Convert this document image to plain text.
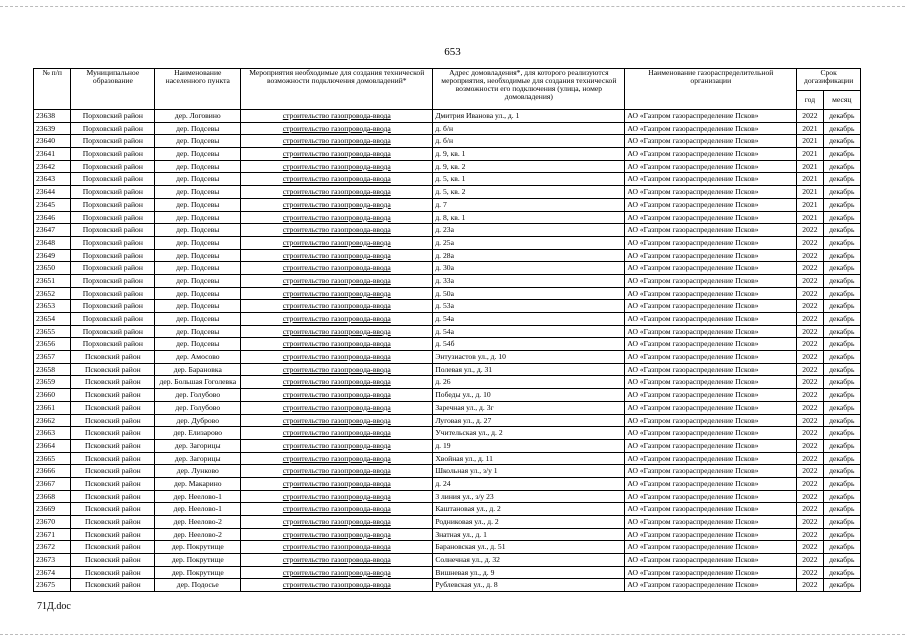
653
№ п/п	Муниципальное образование	Наименование населенного пункта	Мероприятия необходимые для создания технической возможности подключения домовладений*	Адрес домовладения*, для которого реализуются мероприятия, необходимые для создания технической возможности его подключения (улица, номер домовладения)	Наименование газораспределительной организации	Срок догазификации	
						год	месяц
23638	Порховский район	дер. Логовино	строительство газопровода-ввода	Дмитрия Иванова ул., д. 1	АО «Газпром газораспределение Псков»	2022	декабрь
23639	Порховский район	дер. Подсевы	строительство газопровода-ввода	д. б/н	АО «Газпром газораспределение Псков»	2021	декабрь
23640	Порховский район	дер. Подсевы	строительство газопровода-ввода	д. б/н	АО «Газпром газораспределение Псков»	2021	декабрь
23641	Порховский район	дер. Подсевы	строительство газопровода-ввода	д. 9, кв. 1	АО «Газпром газораспределение Псков»	2021	декабрь
23642	Порховский район	дер. Подсевы	строительство газопровода-ввода	д. 9, кв. 2	АО «Газпром газораспределение Псков»	2021	декабрь
23643	Порховский район	дер. Подсевы	строительство газопровода-ввода	д. 5, кв. 1	АО «Газпром газораспределение Псков»	2021	декабрь
23644	Порховский район	дер. Подсевы	строительство газопровода-ввода	д. 5, кв. 2	АО «Газпром газораспределение Псков»	2021	декабрь
23645	Порховский район	дер. Подсевы	строительство газопровода-ввода	д. 7	АО «Газпром газораспределение Псков»	2021	декабрь
23646	Порховский район	дер. Подсевы	строительство газопровода-ввода	д. 8, кв. 1	АО «Газпром газораспределение Псков»	2021	декабрь
23647	Порховский район	дер. Подсевы	строительство газопровода-ввода	д. 23а	АО «Газпром газораспределение Псков»	2022	декабрь
23648	Порховский район	дер. Подсевы	строительство газопровода-ввода	д. 25а	АО «Газпром газораспределение Псков»	2022	декабрь
23649	Порховский район	дер. Подсевы	строительство газопровода-ввода	д. 28а	АО «Газпром газораспределение Псков»	2022	декабрь
23650	Порховский район	дер. Подсевы	строительство газопровода-ввода	д. 30а	АО «Газпром газораспределение Псков»	2022	декабрь
23651	Порховский район	дер. Подсевы	строительство газопровода-ввода	д. 33а	АО «Газпром газораспределение Псков»	2022	декабрь
23652	Порховский район	дер. Подсевы	строительство газопровода-ввода	д. 50а	АО «Газпром газораспределение Псков»	2022	декабрь
23653	Порховский район	дер. Подсевы	строительство газопровода-ввода	д. 53а	АО «Газпром газораспределение Псков»	2022	декабрь
23654	Порховский район	дер. Подсевы	строительство газопровода-ввода	д. 54а	АО «Газпром газораспределение Псков»	2022	декабрь
23655	Порховский район	дер. Подсевы	строительство газопровода-ввода	д. 54а	АО «Газпром газораспределение Псков»	2022	декабрь
23656	Порховский район	дер. Подсевы	строительство газопровода-ввода	д. 54б	АО «Газпром газораспределение Псков»	2022	декабрь
23657	Псковский район	дер. Амосово	строительство газопровода-ввода	Энтузиастов ул., д. 10	АО «Газпром газораспределение Псков»	2022	декабрь
23658	Псковский район	дер. Барановка	строительство газопровода-ввода	Полевая ул., д. 31	АО «Газпром газораспределение Псков»	2022	декабрь
23659	Псковский район	дер. Большая Гоголевка	строительство газопровода-ввода	д. 26	АО «Газпром газораспределение Псков»	2022	декабрь
23660	Псковский район	дер. Голубово	строительство газопровода-ввода	Победы ул., д. 10	АО «Газпром газораспределение Псков»	2022	декабрь
23661	Псковский район	дер. Голубово	строительство газопровода-ввода	Заречная ул., д. 3г	АО «Газпром газораспределение Псков»	2022	декабрь
23662	Псковский район	дер. Дуброво	строительство газопровода-ввода	Луговая ул., д. 27	АО «Газпром газораспределение Псков»	2022	декабрь
23663	Псковский район	дер. Елизарово	строительство газопровода-ввода	Учительская ул., д. 2	АО «Газпром газораспределение Псков»	2022	декабрь
23664	Псковский район	дер. Загорицы	строительство газопровода-ввода	д. 19	АО «Газпром газораспределение Псков»	2022	декабрь
23665	Псковский район	дер. Загорицы	строительство газопровода-ввода	Хвойная ул., д. 11	АО «Газпром газораспределение Псков»	2022	декабрь
23666	Псковский район	дер. Лунково	строительство газопровода-ввода	Школьная ул., з/у 1	АО «Газпром газораспределение Псков»	2022	декабрь
23667	Псковский район	дер. Макарино	строительство газопровода-ввода	д. 24	АО «Газпром газораспределение Псков»	2022	декабрь
23668	Псковский район	дер. Неелово-1	строительство газопровода-ввода	3 линия ул., з/у 23	АО «Газпром газораспределение Псков»	2022	декабрь
23669	Псковский район	дер. Неелово-1	строительство газопровода-ввода	Каштановая ул., д. 2	АО «Газпром газораспределение Псков»	2022	декабрь
23670	Псковский район	дер. Неелово-2	строительство газопровода-ввода	Родниковая ул., д. 2	АО «Газпром газораспределение Псков»	2022	декабрь
23671	Псковский район	дер. Неелово-2	строительство газопровода-ввода	Знатная ул., д. 1	АО «Газпром газораспределение Псков»	2022	декабрь
23672	Псковский район	дер. Покрутище	строительство газопровода-ввода	Барановская ул., д. 51	АО «Газпром газораспределение Псков»	2022	декабрь
23673	Псковский район	дер. Покрутище	строительство газопровода-ввода	Солнечная ул., д. 32	АО «Газпром газораспределение Псков»	2022	декабрь
23674	Псковский район	дер. Покрутище	строительство газопровода-ввода	Вишневая ул., д. 9	АО «Газпром газораспределение Псков»	2022	декабрь
23675	Псковский район	дер. Подосье	строительство газопровода-ввода	Рублевская ул., д. 8	АО «Газпром газораспределение Псков»	2022	декабрь
71Д.doc
